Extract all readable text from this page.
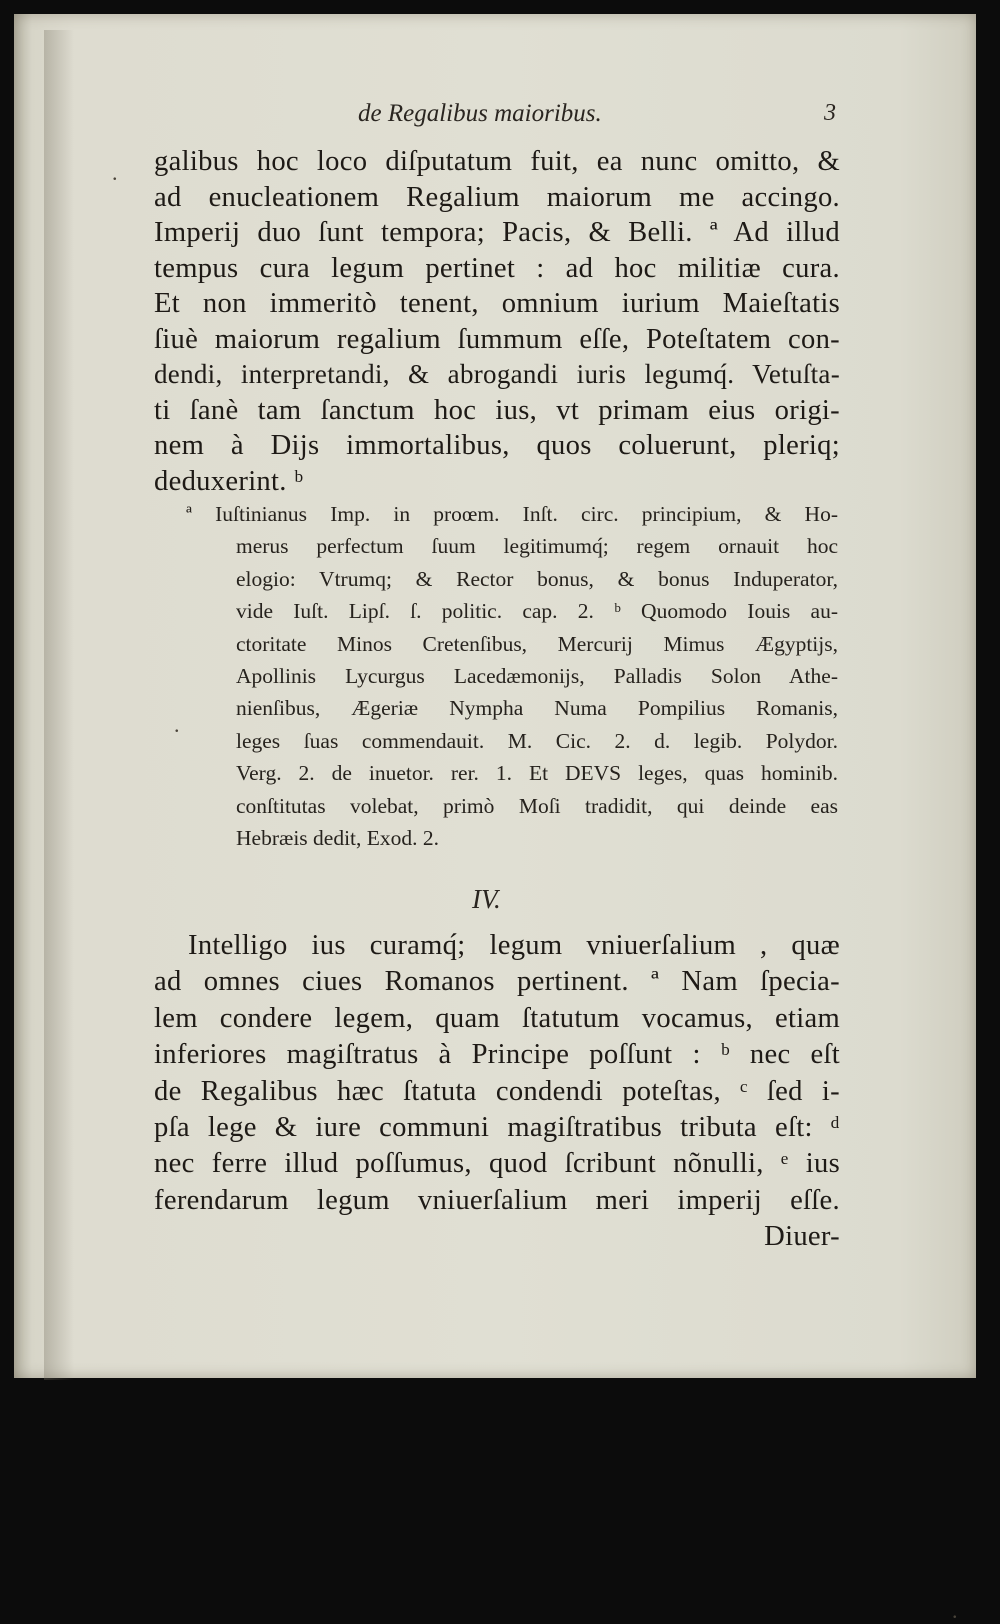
de Regalibus maioribus.	3
.
.
.
galibus hoc loco diſputatum fuit, ea nunc omitto, &
ad enucleationem Regalium maiorum me accingo.
Imperij duo ſunt tempora; Pacis, & Belli. ª Ad illud
tempus cura legum pertinet : ad hoc militiæ cura.
Et non immeritò tenent, omnium iurium Maieſtatis
ſiuè maiorum regalium ſummum eſſe, Poteſtatem con-
dendi, interpretandi, & abrogandi iuris legumq́. Vetuſta-
ti ſanè tam ſanctum hoc ius, vt primam eius origi-
nem à Dijs immortalibus, quos coluerunt, pleriq;
deduxerint. ᵇ
ª Iuſtinianus Imp. in proœm. Inſt. circ. principium, & Ho-
merus perfectum ſuum legitimumq́; regem ornauit hoc
elogio: Vtrumq; & Rector bonus, & bonus Induperator,
vide Iuſt. Lipſ. ſ. politic. cap. 2. ᵇ Quomodo Iouis au-
ctoritate Minos Cretenſibus, Mercurij Mimus Ægyptijs,
Apollinis Lycurgus Lacedæmonijs, Palladis Solon Athe-
nienſibus, Ægeriæ Nympha Numa Pompilius Romanis,
leges ſuas commendauit. M. Cic. 2. d. legib. Polydor.
Verg. 2. de inuetor. rer. 1. Et DEVS leges, quas hominib.
conſtitutas volebat, primò Moſi tradidit, qui deinde eas
Hebræis dedit, Exod. 2.
IV.
Intelligo ius curamq́; legum vniuerſalium , quæ
ad omnes ciues Romanos pertinent. ª Nam ſpecia-
lem condere legem, quam ſtatutum vocamus, etiam
inferiores magiſtratus à Principe poſſunt : ᵇ nec eſt
de Regalibus hæc ſtatuta condendi poteſtas, ᶜ ſed i-
pſa lege & iure communi magiſtratibus tributa eſt: ᵈ
nec ferre illud poſſumus, quod ſcribunt nõnulli, ᵉ ius
ferendarum legum vniuerſalium meri imperij eſſe.
Diuer-
